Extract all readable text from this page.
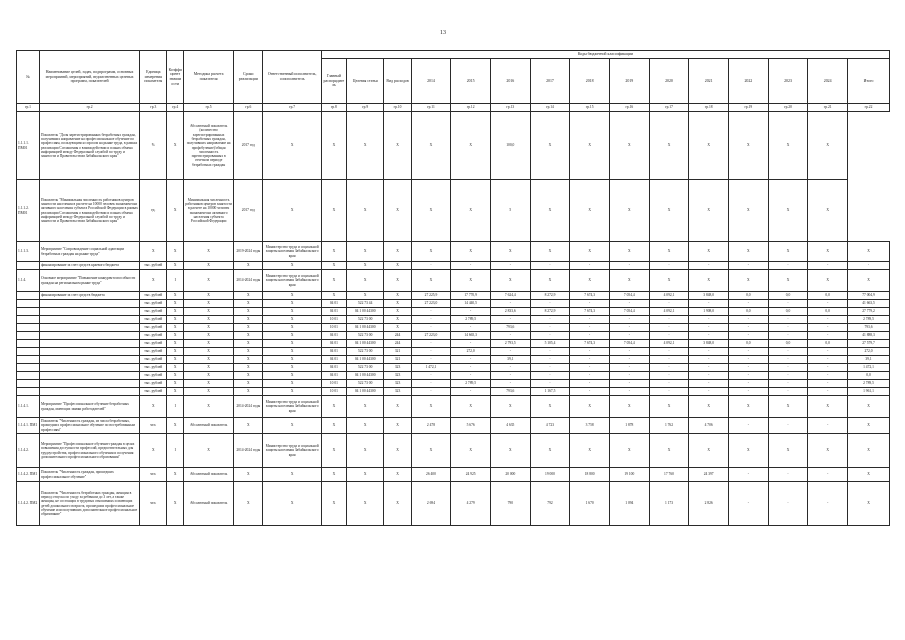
13
№	Наименование целей, задач, подпрограмм, основных мероприятий, мероприятий, ведомственных целевых программ, показателей	Единица измерения показателя	Коэффициент значимости	Методика расчета показателя	Сроки реализации	Ответственный исполнитель, соисполнитель	Коды бюджетной классификации														
							Главный распорядитель	Целевая статья	Вид расходов	2014	2015	2016	2017	2018	2019	2020	2021	2022	2023	2024	Итого
гр.1	гр.2	гр.3	гр.4	гр.5	гр.6	гр.7	гр.8	гр.9	гр.10	гр.11	гр.12	гр.13	гр.14	гр.15	гр.16	гр.17	гр.18	гр.19	гр.20	гр.21	гр.22
1.1.1.1. ПМ01	Показатель "Доля зарегистрированных безработных граждан, получивших направление на профессиональное обучение по профессиям, пользующимся спросом на рынке труда, в рамках реализации Соглашения о взаимодействии и планах обмена информацией между Федеральной службой по труду и занятости и Правительством Забайкальского края"	%	X	Абсолютный показатель (количество зарегистрированных безработных граждан, получивших направление на профобучение)/общая численность зарегистрированных в отчетном периоде безработных граждан	2017 год	X	X	X	X	X	X	100,0	X	X	X	X	X	X	X	X	
1.1.1.2. ПМ01	Показатель "Минимальная численность работников центров занятости населения в расчете на 10000 человек экономически активного населения субъекта Российской Федерации в рамках реализации Соглашения о взаимодействии и планах обмена информацией между Федеральной службой по труду и занятости и Правительством Забайкальского края"	ед.	X	Минимальная численность работников центров занятости в расчете на 10000 человек экономически активного населения субъекта Российской Федерации	2017 год	X	X	X	X	X	X	5	X	X	X	X	X	X	X	X	
1.1.1.3.	Мероприятие "Сопровождение социальной адаптации безработных граждан на рынке труда"	X	X	X	2019-2024 годы	Министерство труда и социальной защиты населения Забайкальского края	X	X	X	X	X	X	X	X	X	X	X	X	X	X	X
	финансирование за счет средств краевого бюджета	тыс. рублей	X	X	X	X	X	X	X	-	-	-	-	-	-	-	-	-	-	-	-
1.1.4.	Основное мероприятие "Повышение конкурентоспособности граждан на региональном рынке труда"	X	I	X	2014-2024 годы	Министерство труда и социальной защиты населения Забайкальского края	X	X	X	X	X	X	X	X	X	X	X	X	X	X	X
	финансирование за счет средств бюджета	тыс. рублей	X	X	X	X	X	X	X	27 225,9	17 770,9	7 624,4	8 272,9	7 674,3	7 054,4	4 092,1	3 848,0	0,0	0,0	0,0	77 004,9
		тыс. рублей	X	X	X	X	04 01	522 73 44	X	27 223,0	14 440,5	-	-	-	-	-	-	-	-	-	41 663,5
		тыс. рублей	X	X	X	X	04 01	04 1 00 44300	X	-	-	2 833,6	8 272,9	7 674,3	7 054,4	4 092,1	1 908,0	0,0	0,0	0,0	27 779,2
		тыс. рублей	X	X	X	X	10 01	522 73 00	X	-	2 789,5	-	-	-	-	-	-	-	-	-	2 789,5
		тыс. рублей	X	X	X	X	10 01	04 1 00 44300	X	-	-	793,6	-	-	-	-	-	-	-	-	793,6
		тыс. рублей	X	X	X	X	04 01	522 73 00	244	27 223,0	14 665,3	-	-	-	-	-	-	-	-	-	41 888,3
		тыс. рублей	X	X	X	X	04 01	04 1 00 44300	244	-	-	2 793,5	5 105,4	7 674,3	7 054,4	4 092,1	3 848,0	0,0	0,0	0,0	27 579,7
		тыс. рублей	X	X	X	X	04 01	522 73 00	321	-	272,0	-	-	-	-	-	-	-	-	-	272,0
		тыс. рублей	X	X	X	X	04 01	04 1 00 44300	321	-	-	39,1	-	-	-	-	-	-	-	-	39,1
		тыс. рублей	X	X	X	X	04 01	522 73 00	323	1 472,1	-	-	-	-	-	-	-	-	-	-	1 472,1
		тыс. рублей	X	X	X	X	04 01	04 1 00 44300	323	-	-	-	-	-	-	-	-	-	-	-	0,0
		тыс. рублей	X	X	X	X	10 01	522 73 00	323	-	2 789,5	-	-	-	-	-	-	-	-	-	2 789,5
		тыс. рублей	X	X	X	X	10 01	04 1 00 44300	323	-	-	793,6	1 167,5	-	-	-	-	-	-	-	1 961,1
1.1.4.1.	Мероприятие "Профессиональное обучение безработных граждан, имеющих заявки работодателей"	X	I	X	2014-2024 годы	Министерство труда и социальной защиты населения Забайкальского края	X	X	X	X	X	X	X	X	X	X	X	X	X	X	X
1.1.4.1. ПМ1	Показатель "Численность граждан, из числа безработных, прошедших профессиональное обучение по востребованным профессиям"	чел.	X	Абсолютный показатель	X	X	X	X	X	2 478	5 676	4 635	4 723	3 758	1 878	1 762	4 706	-	-	-	X
1.1.4.2.	Мероприятие "Профессиональное обучение граждан в целях повышения доступности профессий, предпочтительных для трудоустройства, профессионального обучения и получения дополнительного профессионального образования"	X	I	X	2014-2024 годы	Министерство труда и социальной защиты населения Забайкальского края	X	X	X	X	X	X	X	X	X	X	X	X	X	X	X
1.1.4.2. ПМ1	Показатель "Численность граждан, прошедших профессиональное обучение"	чел.	X	Абсолютный показатель	X	X	X	X	X	26 400	24 925	20 000	19 000	18 800	19 100	17 760	24 397	-	-	-	X
1.1.4.2. ПМ2	Показатель "Численность безработных граждан, женщин в период отпуска по уходу за ребенком до 3 лет, а также женщин, не состоящих в трудовых отношениях и имеющих детей дошкольного возраста, прошедших профессиональное обучение или получивших дополнительное профессиональное образование"	чел.	X	Абсолютный показатель	X	X	X	X	X	2 694	4 279	790	792	1 670	1 094	1 173	2 826	-	-	-	X
